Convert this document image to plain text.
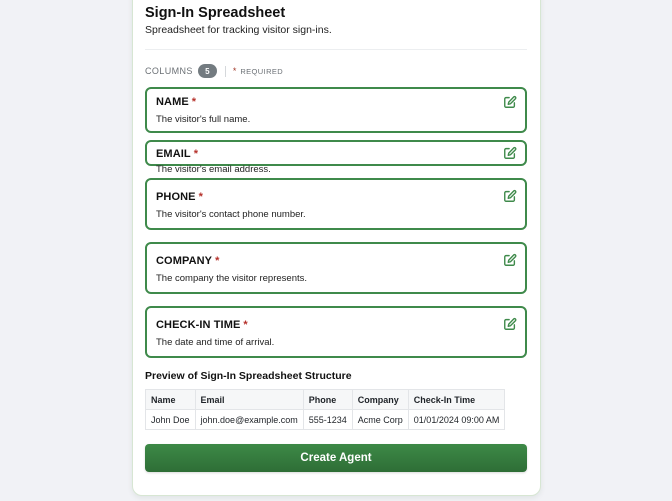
Sign-In Spreadsheet
Spreadsheet for tracking visitor sign-ins.
COLUMNS	5	* REQUIRED
NAME *
The visitor's full name.
EMAIL *
The visitor's email address.
PHONE *
The visitor's contact phone number.
COMPANY *
The company the visitor represents.
CHECK-IN TIME *
The date and time of arrival.
Preview of Sign-In Spreadsheet Structure
Name	Email	Phone	Company	Check-In Time
John Doe	john.doe@example.com	555-1234	Acme Corp	01/01/2024 09:00 AM
Create Agent
